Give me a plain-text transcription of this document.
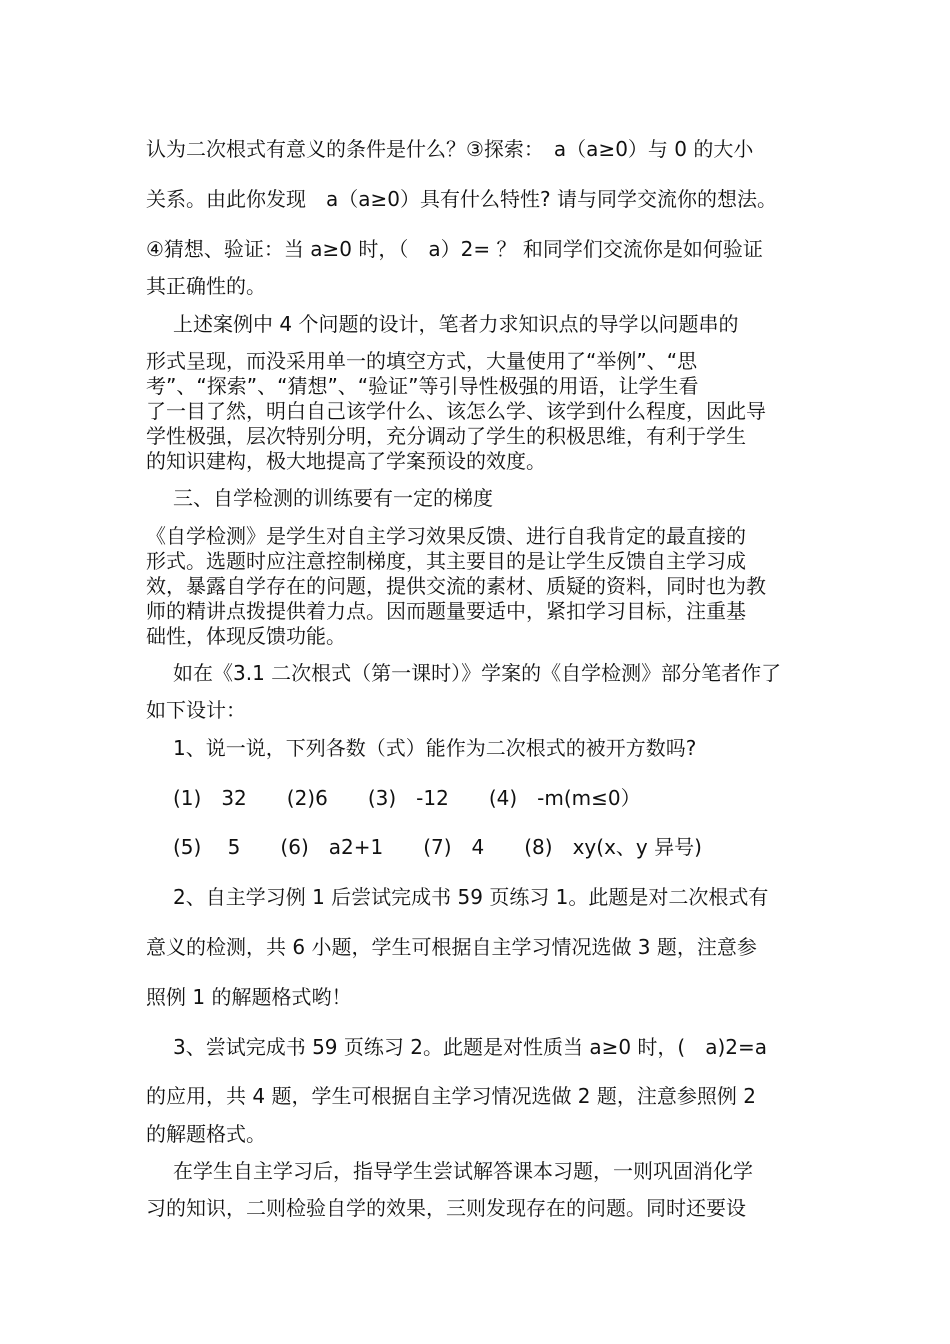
认为二次根式有意义的条件是什么？③探索：　a（a≥0）与 0 的大小
关系。由此你发现　a（a≥0）具有什么特性? 请与同学交流你的想法。
④猜想、验证：当 a≥0 时，（　a）2= ？ 和同学们交流你是如何验证
其正确性的。
上述案例中 4 个问题的设计，笔者力求知识点的导学以问题串的
形式呈现，而没采用单一的填空方式，大量使用了“举例”、“思
考”、“探索”、“猜想”、“验证”等引导性极强的用语，让学生看
了一目了然，明白自己该学什么、该怎么学、该学到什么程度，因此导
学性极强，层次特别分明，充分调动了学生的积极思维，有利于学生
的知识建构，极大地提高了学案预设的效度。
三、自学检测的训练要有一定的梯度
《自学检测》是学生对自主学习效果反馈、进行自我肯定的最直接的
形式。选题时应注意控制梯度，其主要目的是让学生反馈自主学习成
效，暴露自学存在的问题，提供交流的素材、质疑的资料，同时也为教
师的精讲点拨提供着力点。因而题量要适中，紧扣学习目标，注重基
础性，体现反馈功能。
如在《3.1 二次根式（第一课时）》学案的《自学检测》部分笔者作了
如下设计：
1、说一说，下列各数（式）能作为二次根式的被开方数吗?
(1)　32　　(2)6　　(3)　-12　　(4)　-m(m≤0）
(5)　 5　　(6)　a2+1　　(7)　4　　(8)　xy(x、y 异号)
2、自主学习例 1 后尝试完成书 59 页练习 1。此题是对二次根式有
意义的检测，共 6 小题，学生可根据自主学习情况选做 3 题，注意参
照例 1 的解题格式哟！
3、尝试完成书 59 页练习 2。此题是对性质当 a≥0 时，(　a)2=a
的应用，共 4 题，学生可根据自主学习情况选做 2 题，注意参照例 2
的解题格式。
在学生自主学习后，指导学生尝试解答课本习题，一则巩固消化学
习的知识，二则检验自学的效果，三则发现存在的问题。同时还要设
